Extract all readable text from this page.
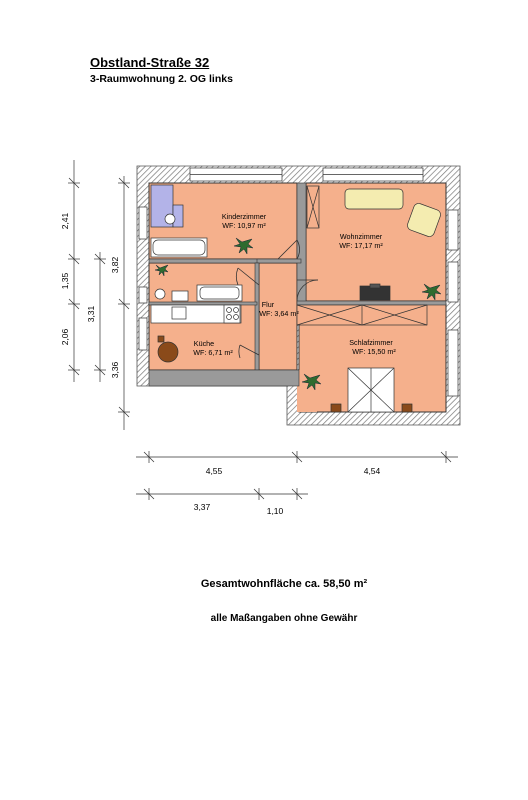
Obstland-Straße 32
3-Raumwohnung 2. OG links
Kinderzimmer
WF: 10,97 m²
Wohnzimmer
WF: 17,17 m²
Flur
WF: 3,64 m²
Küche
WF: 6,71 m²
Schlafzimmer
WF: 15,50 m²
2,41
1,35
2,06
3,31
3,82
3,36
4,55	4,54
3,37	1,10
Gesamtwohnfläche ca. 58,50 m²
alle Maßangaben ohne Gewähr
